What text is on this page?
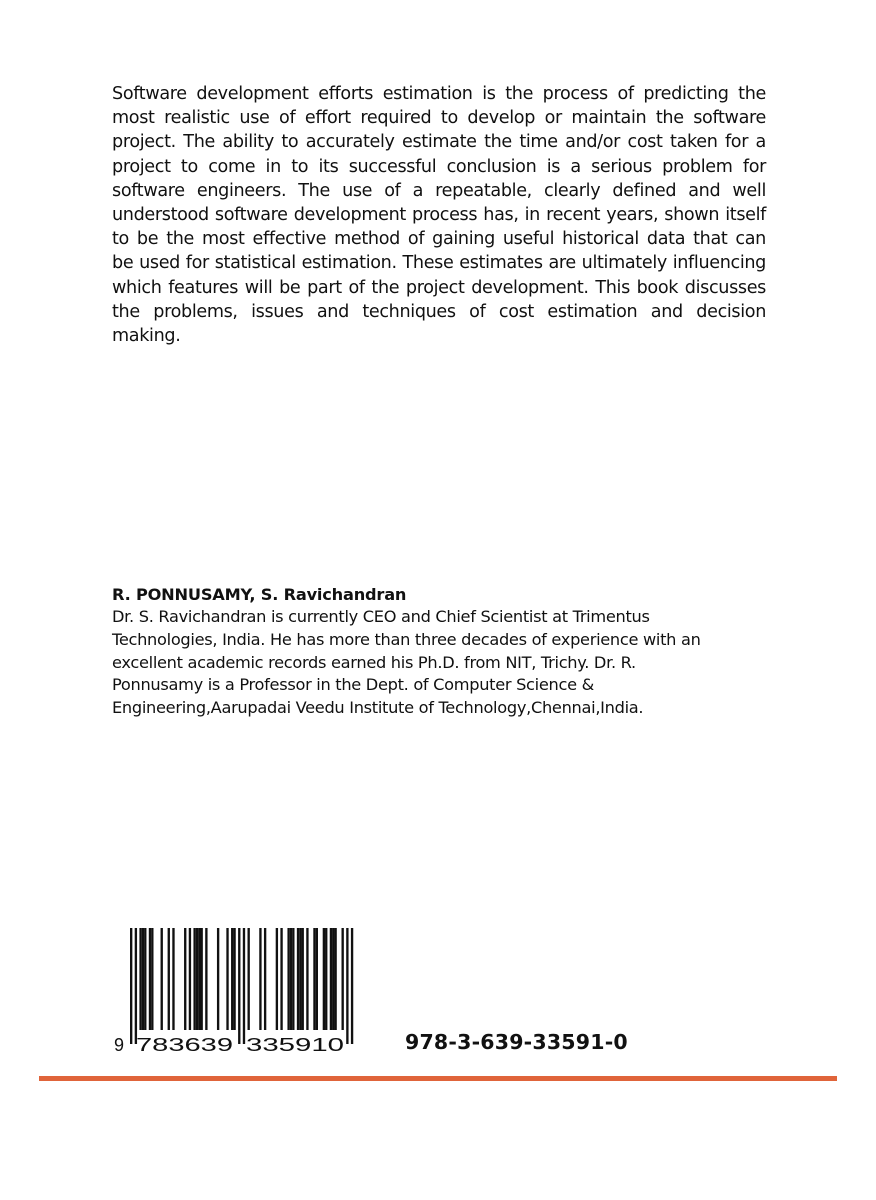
Software development efforts estimation is the process of predicting the most realistic use of effort required to develop or maintain the software project. The ability to accurately estimate the time and/or cost taken for a project to come in to its successful conclusion is a serious problem for software engineers. The use of a repeatable, clearly defined and well understood software development process has, in recent years, shown itself to be the most effective method of gaining useful historical data that can be used for statistical estimation. These estimates are ultimately influencing which features will be part of the project development. This book discusses the problems, issues and techniques of cost estimation and decision making.

R. PONNUSAMY, S. Ravichandran

Dr. S. Ravichandran is currently CEO and Chief Scientist at Trimentus
Technologies, India. He has more than three decades of experience with an
excellent academic records earned his Ph.D. from NIT, Trichy. Dr. R.
Ponnusamy is a Professor in the Dept. of Computer Science &
Engineering,Aarupadai Veedu Institute of Technology,Chennai,India.
9 783639 335910	978-3-639-33591-0
